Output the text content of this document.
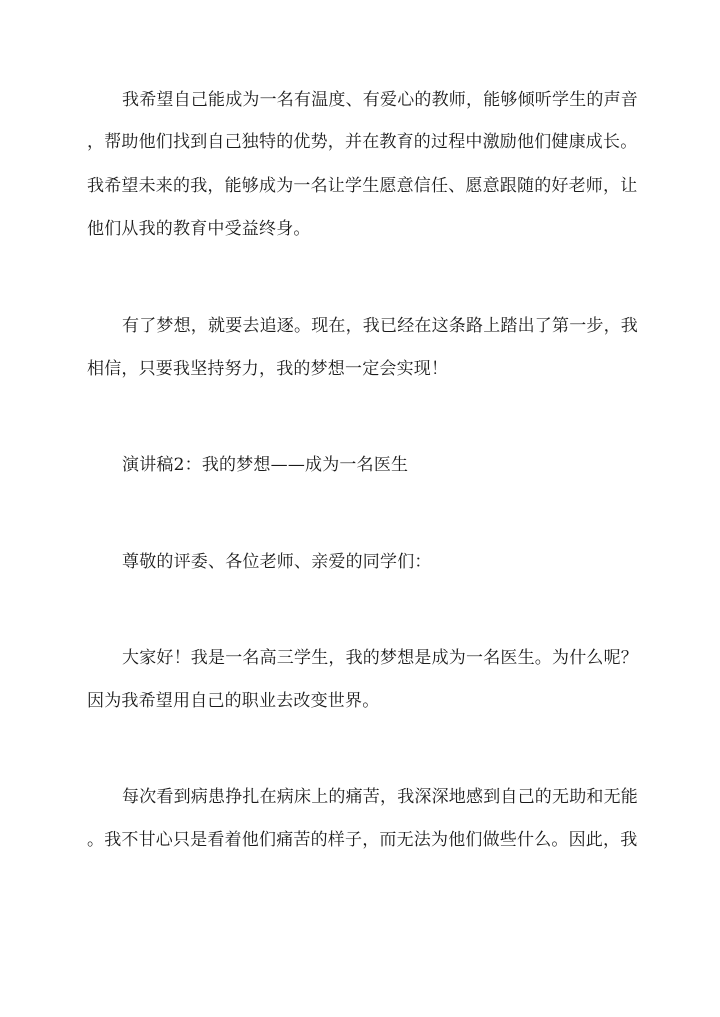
我希望自己能成为一名有温度、有爱心的教师，能够倾听学生的声音
，帮助他们找到自己独特的优势，并在教育的过程中激励他们健康成长。
我希望未来的我，能够成为一名让学生愿意信任、愿意跟随的好老师，让
他们从我的教育中受益终身。
有了梦想，就要去追逐。现在，我已经在这条路上踏出了第一步，我
相信，只要我坚持努力，我的梦想一定会实现！
演讲稿2：我的梦想——成为一名医生
尊敬的评委、各位老师、亲爱的同学们：
大家好！我是一名高三学生，我的梦想是成为一名医生。为什么呢？
因为我希望用自己的职业去改变世界。
每次看到病患挣扎在病床上的痛苦，我深深地感到自己的无助和无能
。我不甘心只是看着他们痛苦的样子，而无法为他们做些什么。因此，我
